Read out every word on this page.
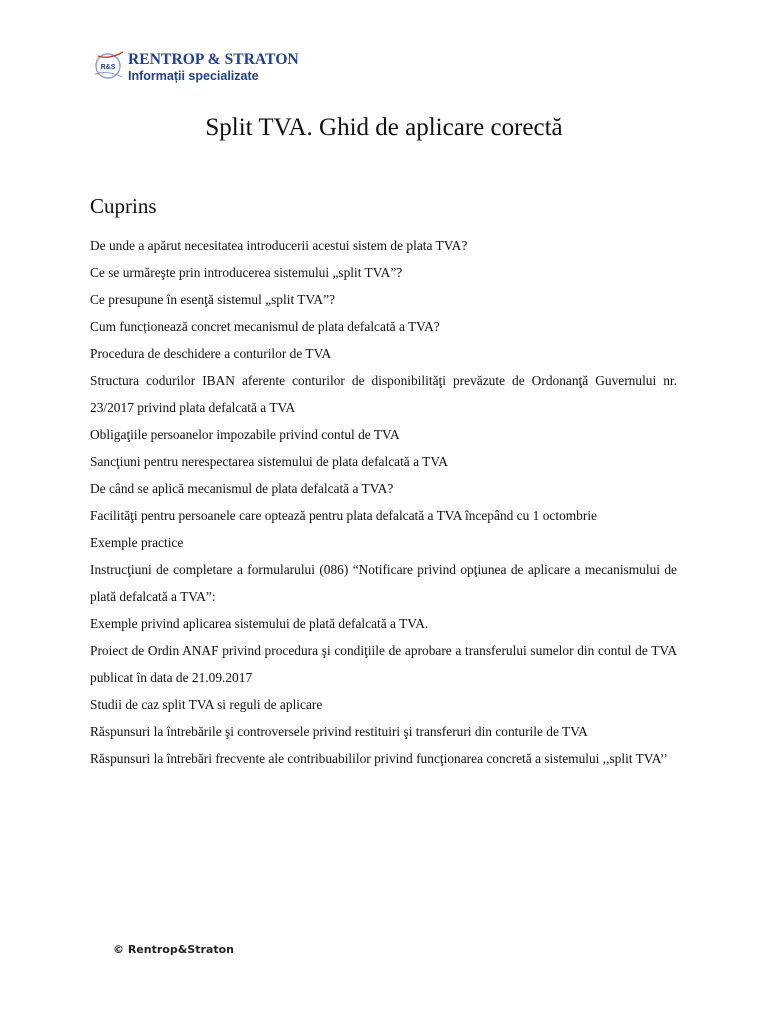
R&S RENTROP & STRATON
Informații specializate
Split TVA. Ghid de aplicare corectă
Cuprins
De unde a apărut necesitatea introducerii acestui sistem de plata TVA?
Ce se urmăreşte prin introducerea sistemului „split TVA”?
Ce presupune în esenţă sistemul „split TVA”?
Cum funcționează concret mecanismul de plata defalcată a TVA?
Procedura de deschidere a conturilor de TVA
Structura codurilor IBAN aferente conturilor de disponibilităţi prevăzute de Ordonanţă Guvernului nr. 23/2017 privind plata defalcată a TVA
Obligaţiile persoanelor impozabile privind contul de TVA
Sancţiuni pentru nerespectarea sistemului de plata defalcată a TVA
De când se aplică mecanismul de plata defalcată a TVA?
Facilităţi pentru persoanele care optează pentru plata defalcată a TVA începând cu 1 octombrie
Exemple practice
Instrucţiuni de completare a formularului (086) “Notificare privind opţiunea de aplicare a mecanismului de plată defalcată a TVA”:
Exemple privind aplicarea sistemului de plată defalcată a TVA.
Proiect de Ordin ANAF privind procedura şi condiţiile de aprobare a transferului sumelor din contul de TVA publicat în data de 21.09.2017
Studii de caz split TVA si reguli de aplicare
Răspunsuri la întrebările şi controversele privind restituiri şi transferuri din conturile de TVA
Răspunsuri la întrebări frecvente ale contribuabililor privind funcţionarea concretă a sistemului ,,split TVA’’
© Rentrop&Straton
